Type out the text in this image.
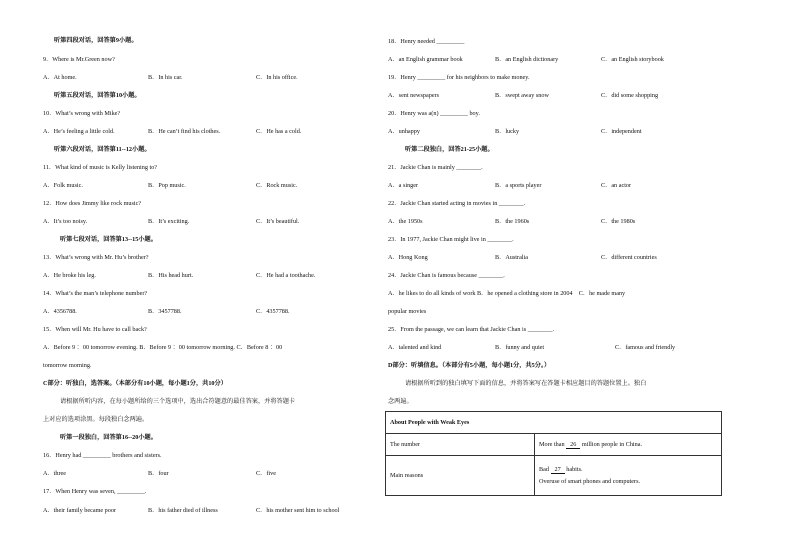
听第四段对话，回答第9小题。
9．Where is Mr.Green now?
A．At home.	B．In his car.	C．In his office.
听第五段对话，回答第10小题。
10．What’s wrong with Mike?
A．He’s feeling a little cold.	B．He can’t find his clothes.	C．He has a cold.
听第六段对话，回答第11--12小题。
11．What kind of music is Kelly listening to?
A．Folk music.	B．Pop music.	C．Rock music.
12．How does Jimmy like rock music?
A．It’s too noisy.	B．It’s exciting.	C．It’s beautiful.
听第七段对话，回答第13--15小题。
13．What’s wrong with Mr. Hu’s brother?
A．He broke his leg.	B．His head hurt.	C．He had a toothache.
14．What’s the man’s telephone number?
A．4356788.	B．3457788.	C．4357788.
15．When will Mr. Hu have to call back?
A．Before 9 ：00 tomorrow evening. B．Before 9 ：00 tomorrow morning. C．Before 8 ：00
tomorrow morning.
C部分：听独白，选答案。（本部分有10小题，每小题1分，共10分）
请根据所听内容，在每小题所给的三个选项中，选出合符题意的最佳答案，并将答题卡
上对应的选项涂黑。每段独白念两遍。
听第一段独白，回答第16--20小题。
16．Henry had _________ brothers and sisters.
A．three	B．four	C．five
17．When Henry was seven, _________.
A．their family became poor	B．his father died of illness	C．his mother sent him to school
18．Henry needed _________
A．an English grammar book	B．an English dictionary	C．an English storybook
19．Henry _________ for his neighbors to make money.
A．sent newspapers	B．swept away snow	C．did some shopping
20．Henry was a(n) _________ boy.
A．unhappy	B．lucky	C．independent
听第二段独白，回答21-25小题。
21．Jackie Chan is mainly ________.
A．a singer	B．a sports player	C．an actor
22．Jackie Chan started acting in movies in ________.
A．the 1950s	B．the 1960s	C．the 1980s
23．In 1977, Jackie Chan might live in ________.
A．Hong Kong	B．Australia	C．different countries
24．Jackie Chan is famous because ________.
A．he likes to do all kinds of work B．he opened a clothing store in 2004　C．he made many
popular movies
25．From the passage, we can learn that Jackie Chan is ________.
A．talented and kind	B．funny and quiet	C．famous and friendly
D部分：听填信息。（本部分有5小题，每小题1分，共5分。）
请根据所听到的独白填写下面的信息，并将答案写在答题卡相应题目的答题位置上。独白
念两遍。
About People with Weak Eyes	
The number	More than 26 million people in China.
Main reasons	Bad 27 habits.
Overuse of smart phones and computers.
